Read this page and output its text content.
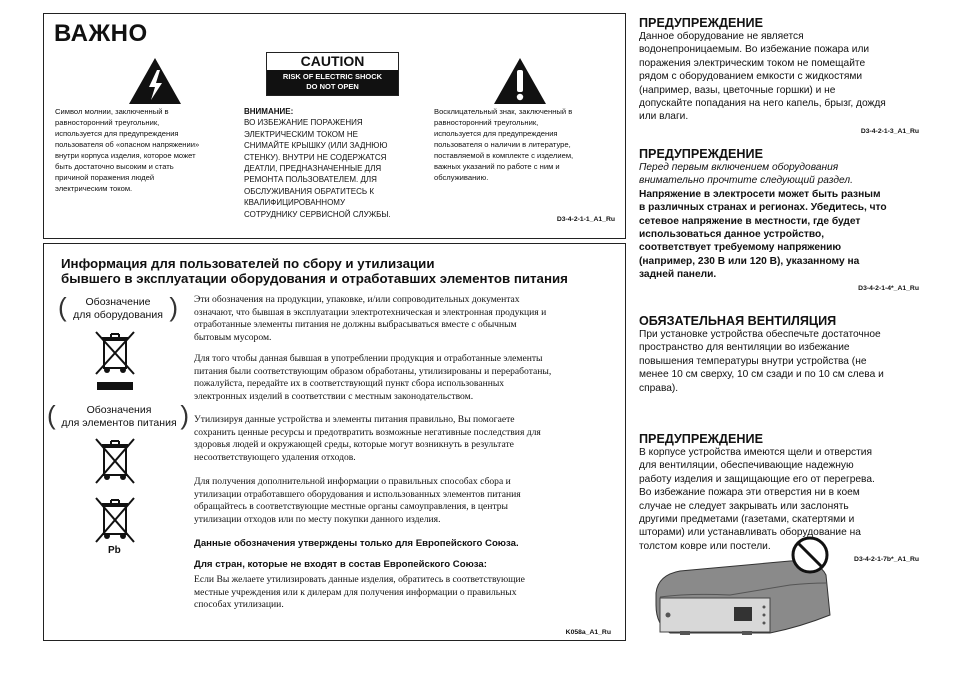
ВАЖНО
Символ молнии, заключенный в
равносторонний треугольник,
используется для предупреждения
пользователя об «опасном напряжении»
внутри корпуса изделия, которое может
быть достаточно высоким и стать
причиной поражения людей
электрическим током.
CAUTION
RISK OF ELECTRIC SHOCK
DO NOT OPEN
ВНИМАНИЕ:
ВО ИЗБЕЖАНИЕ ПОРАЖЕНИЯ
ЭЛЕКТРИЧЕСКИМ ТОКОМ НЕ
СНИМАЙТЕ КРЫШКУ (ИЛИ ЗАДНЮЮ
СТЕНКУ). ВНУТРИ НЕ СОДЕРЖАТСЯ
ДЕАТЛИ, ПРЕДНАЗНАЧЕННЫЕ ДЛЯ
РЕМОНТА ПОЛЬЗОВАТЕЛЕМ. ДЛЯ
ОБСЛУЖИВАНИЯ ОБРАТИТЕСЬ К
КВАЛИФИЦИРОВАННОМУ
СОТРУДНИКУ СЕРВИСНОЙ СЛУЖБЫ.
Восклицательный знак, заключенный в
равносторонний треугольник,
используется для предупреждения
пользователя о наличии в литературе,
поставляемой в комплекте с изделием,
важных указаний по работе с ним и
обслуживанию.
D3-4-2-1-1_A1_Ru
Информация для пользователей по сбору и утилизации
бывшего в эксплуатации оборудования и отработавших элементов питания
(	Обозначение
для оборудования )
(	Обозначения
для элементов питания )
Pb
Эти обозначения на продукции, упаковке, и/или сопроводительных документах
означают, что бывшая в эксплуатации электротехническая и электронная продукция и
отработанные элементы питания не должны выбрасываться вместе с обычным
бытовым мусором.
Для того чтобы данная бывшая в употреблении продукция и отработанные элементы
питания были соответствующим образом обработаны, утилизированы и переработаны,
пожалуйста, передайте их в соответствующий пункт сбора использованных
электронных изделий в соответствии с местным законодательством.
Утилизируя данные устройства и элементы питания правильно, Вы помогаете
сохранить ценные ресурсы и предотвратить возможные негативные последствия для
здоровья людей и окружающей среды, которые могут возникнуть в результате
несоответствующего удаления отходов.
Для получения дополнительной информации о правильных способах сбора и
утилизации отработавшего оборудования и использованных элементов питания
обращайтесь в соответствующие местные органы самоуправления, в центры
утилизации отходов или по месту покупки данного изделия.
Данные обозначения утверждены только для Европейского Союза.
Для стран, которые не входят в состав Европейского Союза:
Если Вы желаете утилизировать данные изделия, обратитесь в соответствующие
местные учреждения или к дилерам для получения информации о правильных
способах утилизации.
K058a_A1_Ru
ПРЕДУПРЕЖДЕНИЕ
Данное оборудование не является
водонепроницаемым. Во избежание пожара или
поражения электрическим током не помещайте
рядом с оборудованием емкости с жидкостями
(например, вазы, цветочные горшки) и не
допускайте попадания на него капель, брызг, дождя
или влаги.
D3-4-2-1-3_A1_Ru
ПРЕДУПРЕЖДЕНИЕ
Перед первым включением оборудования
внимательно прочтите следующий раздел.
Напряжение в электросети может быть разным
в различных странах и регионах. Убедитесь, что
сетевое напряжение в местности, где будет
использоваться данное устройство,
соответствует требуемому напряжению
(например, 230 В или 120 В), указанному на
задней панели.
D3-4-2-1-4*_A1_Ru
ОБЯЗАТЕЛЬНАЯ ВЕНТИЛЯЦИЯ
При установке устройства обеспечьте достаточное
пространство для вентиляции во избежание
повышения температуры внутри устройства (не
менее 10 см сверху, 10 см сзади и по 10 см слева и
справа).
ПРЕДУПРЕЖДЕНИЕ
В корпусе устройства имеются щели и отверстия
для вентиляции, обеспечивающие надежную
работу изделия и защищающие его от перегрева.
Во избежание пожара эти отверстия ни в коем
случае не следует закрывать или заслонять
другими предметами (газетами, скатертями и
шторами) или устанавливать оборудование на
толстом ковре или постели.
D3-4-2-1-7b*_A1_Ru
